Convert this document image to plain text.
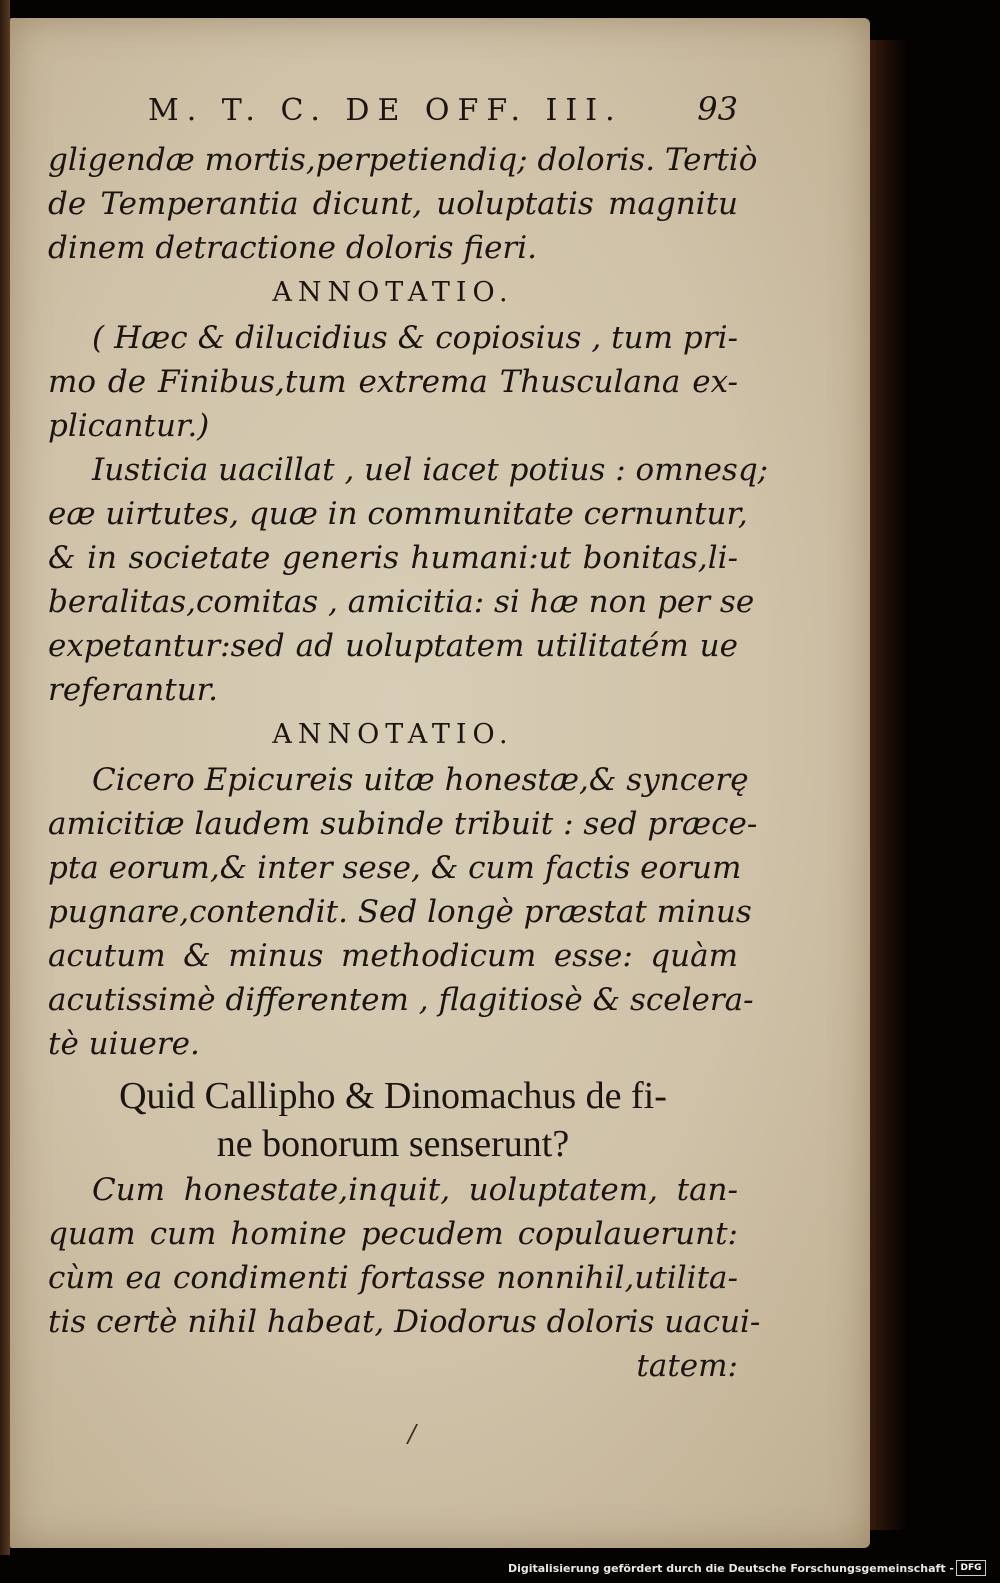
M. T. C. DE OFF. III. 93
gligendæ mortis,perpetiendiq; doloris. Tertiò
de Temperantia dicunt, uoluptatis magnitu
dinem detractione doloris fieri.
ANNOTATIO.
( Hæc & dilucidius & copiosius , tum pri-
mo de Finibus,tum extrema Thusculana ex-
plicantur.)
Iusticia uacillat , uel iacet potius : omnesq;
eæ uirtutes, quæ in communitate cernuntur,
& in societate generis humani:ut bonitas,li-
beralitas,comitas , amicitia: si hæ non per se
expetantur:sed ad uoluptatem utilitatém ue
referantur.
ANNOTATIO.
Cicero Epicureis uitæ honestæ,& syncerę
amicitiæ laudem subinde tribuit : sed præce-
pta eorum,& inter sese, & cum factis eorum
pugnare,contendit. Sed longè præstat minus
acutum & minus methodicum esse: quàm
acutissimè differentem , flagitiosè & scelera-
tè uiuere.
Quid Callipho & Dinomachus de fi-
ne bonorum senserunt?
Cum honestate,inquit, uoluptatem, tan-
quam cum homine pecudem copulauerunt:
cùm ea condimenti fortasse nonnihil,utilita-
tis certè nihil habeat, Diodorus doloris uacui-
tatem:
/
Digitalisierung gefördert durch die Deutsche Forschungsgemeinschaft - DFG
